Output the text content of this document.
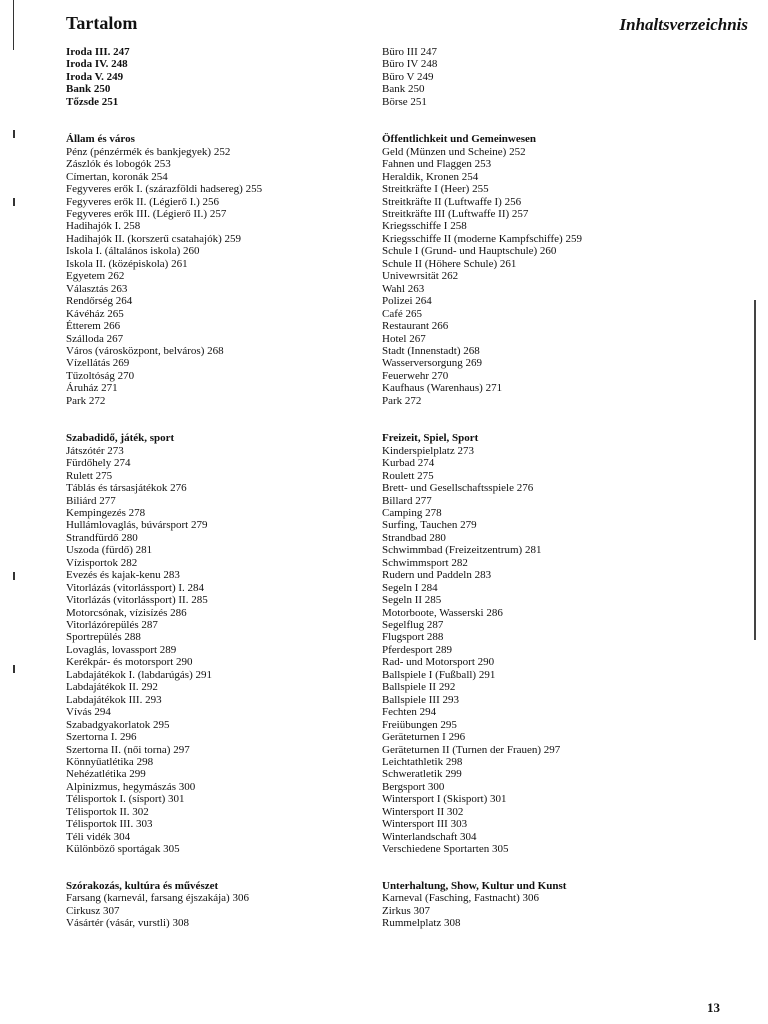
Tartalom	Inhaltsverzeichnis
Iroda III. 247
Iroda IV. 248
Iroda V. 249
Bank 250
Tőzsde 251

Állam és város

Pénz (pénzérmék és bankjegyek) 252
Zászlók és lobogók 253
Címertan, koronák 254
Fegyveres erők I. (szárazföldi hadsereg) 255
Fegyveres erők II. (Légierő I.) 256
Fegyveres erők III. (Légierő II.) 257
Hadihajók I. 258
Hadihajók II. (korszerű csatahajók) 259
Iskola I. (általános iskola) 260
Iskola II. (középiskola) 261
Egyetem 262
Választás 263
Rendőrség 264
Kávéház 265
Étterem 266
Szálloda 267
Város (városközpont, belváros) 268
Vízellátás 269
Tűzoltóság 270
Áruház 271
Park 272

Szabadidő, játék, sport

Játszótér 273
Fürdőhely 274
Rulett 275
Táblás és társasjátékok 276
Biliárd 277
Kempingezés 278
Hullámlovaglás, búvársport 279
Strandfürdő 280
Uszoda (fürdő) 281
Vízisportok 282
Evezés és kajak-kenu 283
Vitorlázás (vitorlássport) I. 284
Vitorlázás (vitorlássport) II. 285
Motorcsónak, vízisízés 286
Vitorlázórepülés 287
Sportrepülés 288
Lovaglás, lovassport 289
Kerékpár- és motorsport 290
Labdajátékok I. (labdarúgás) 291
Labdajátékok II. 292
Labdajátékok III. 293
Vívás 294
Szabadgyakorlatok 295
Szertorna I. 296
Szertorna II. (női torna) 297
Könnyűatlétika 298
Nehézatlétika 299
Alpinizmus, hegymászás 300
Télisportok I. (sísport) 301
Télisportok II. 302
Télisportok III. 303
Téli vidék 304
Különböző sportágak 305

Szórakozás, kultúra és művészet

Farsang (karnevál, farsang éjszakája) 306
Cirkusz 307
Vásártér (vásár, vurstli) 308
Büro III 247
Büro IV 248
Büro V 249
Bank 250
Börse 251

Öffentlichkeit und Gemeinwesen

Geld (Münzen und Scheine) 252
Fahnen und Flaggen 253
Heraldik, Kronen 254
Streitkräfte I (Heer) 255
Streitkräfte II (Luftwaffe I) 256
Streitkräfte III (Luftwaffe II) 257
Kriegsschiffe I 258
Kriegsschiffe II (moderne Kampfschiffe) 259
Schule I (Grund- und Hauptschule) 260
Schule II (Höhere Schule) 261
Univewrsität 262
Wahl 263
Polizei 264
Café 265
Restaurant 266
Hotel 267
Stadt (Innenstadt) 268
Wasserversorgung 269
Feuerwehr 270
Kaufhaus (Warenhaus) 271
Park 272

Freizeit, Spiel, Sport

Kinderspielplatz 273
Kurbad 274
Roulett 275
Brett- und Gesellschaftsspiele 276
Billard 277
Camping 278
Surfing, Tauchen 279
Strandbad 280
Schwimmbad (Freizeitzentrum) 281
Schwimmsport 282
Rudern und Paddeln 283
Segeln I 284
Segeln II 285
Motorboote, Wasserski 286
Segelflug 287
Flugsport 288
Pferdesport 289
Rad- und Motorsport 290
Ballspiele I (Fußball) 291
Ballspiele II 292
Ballspiele III 293
Fechten 294
Freiübungen 295
Geräteturnen I 296
Geräteturnen II (Turnen der Frauen) 297
Leichtathletik 298
Schweratletik 299
Bergsport 300
Wintersport I (Skisport) 301
Wintersport II 302
Wintersport III 303
Winterlandschaft 304
Verschiedene Sportarten 305

Unterhaltung, Show, Kultur und Kunst

Karneval (Fasching, Fastnacht) 306
Zirkus 307
Rummelplatz 308

13
